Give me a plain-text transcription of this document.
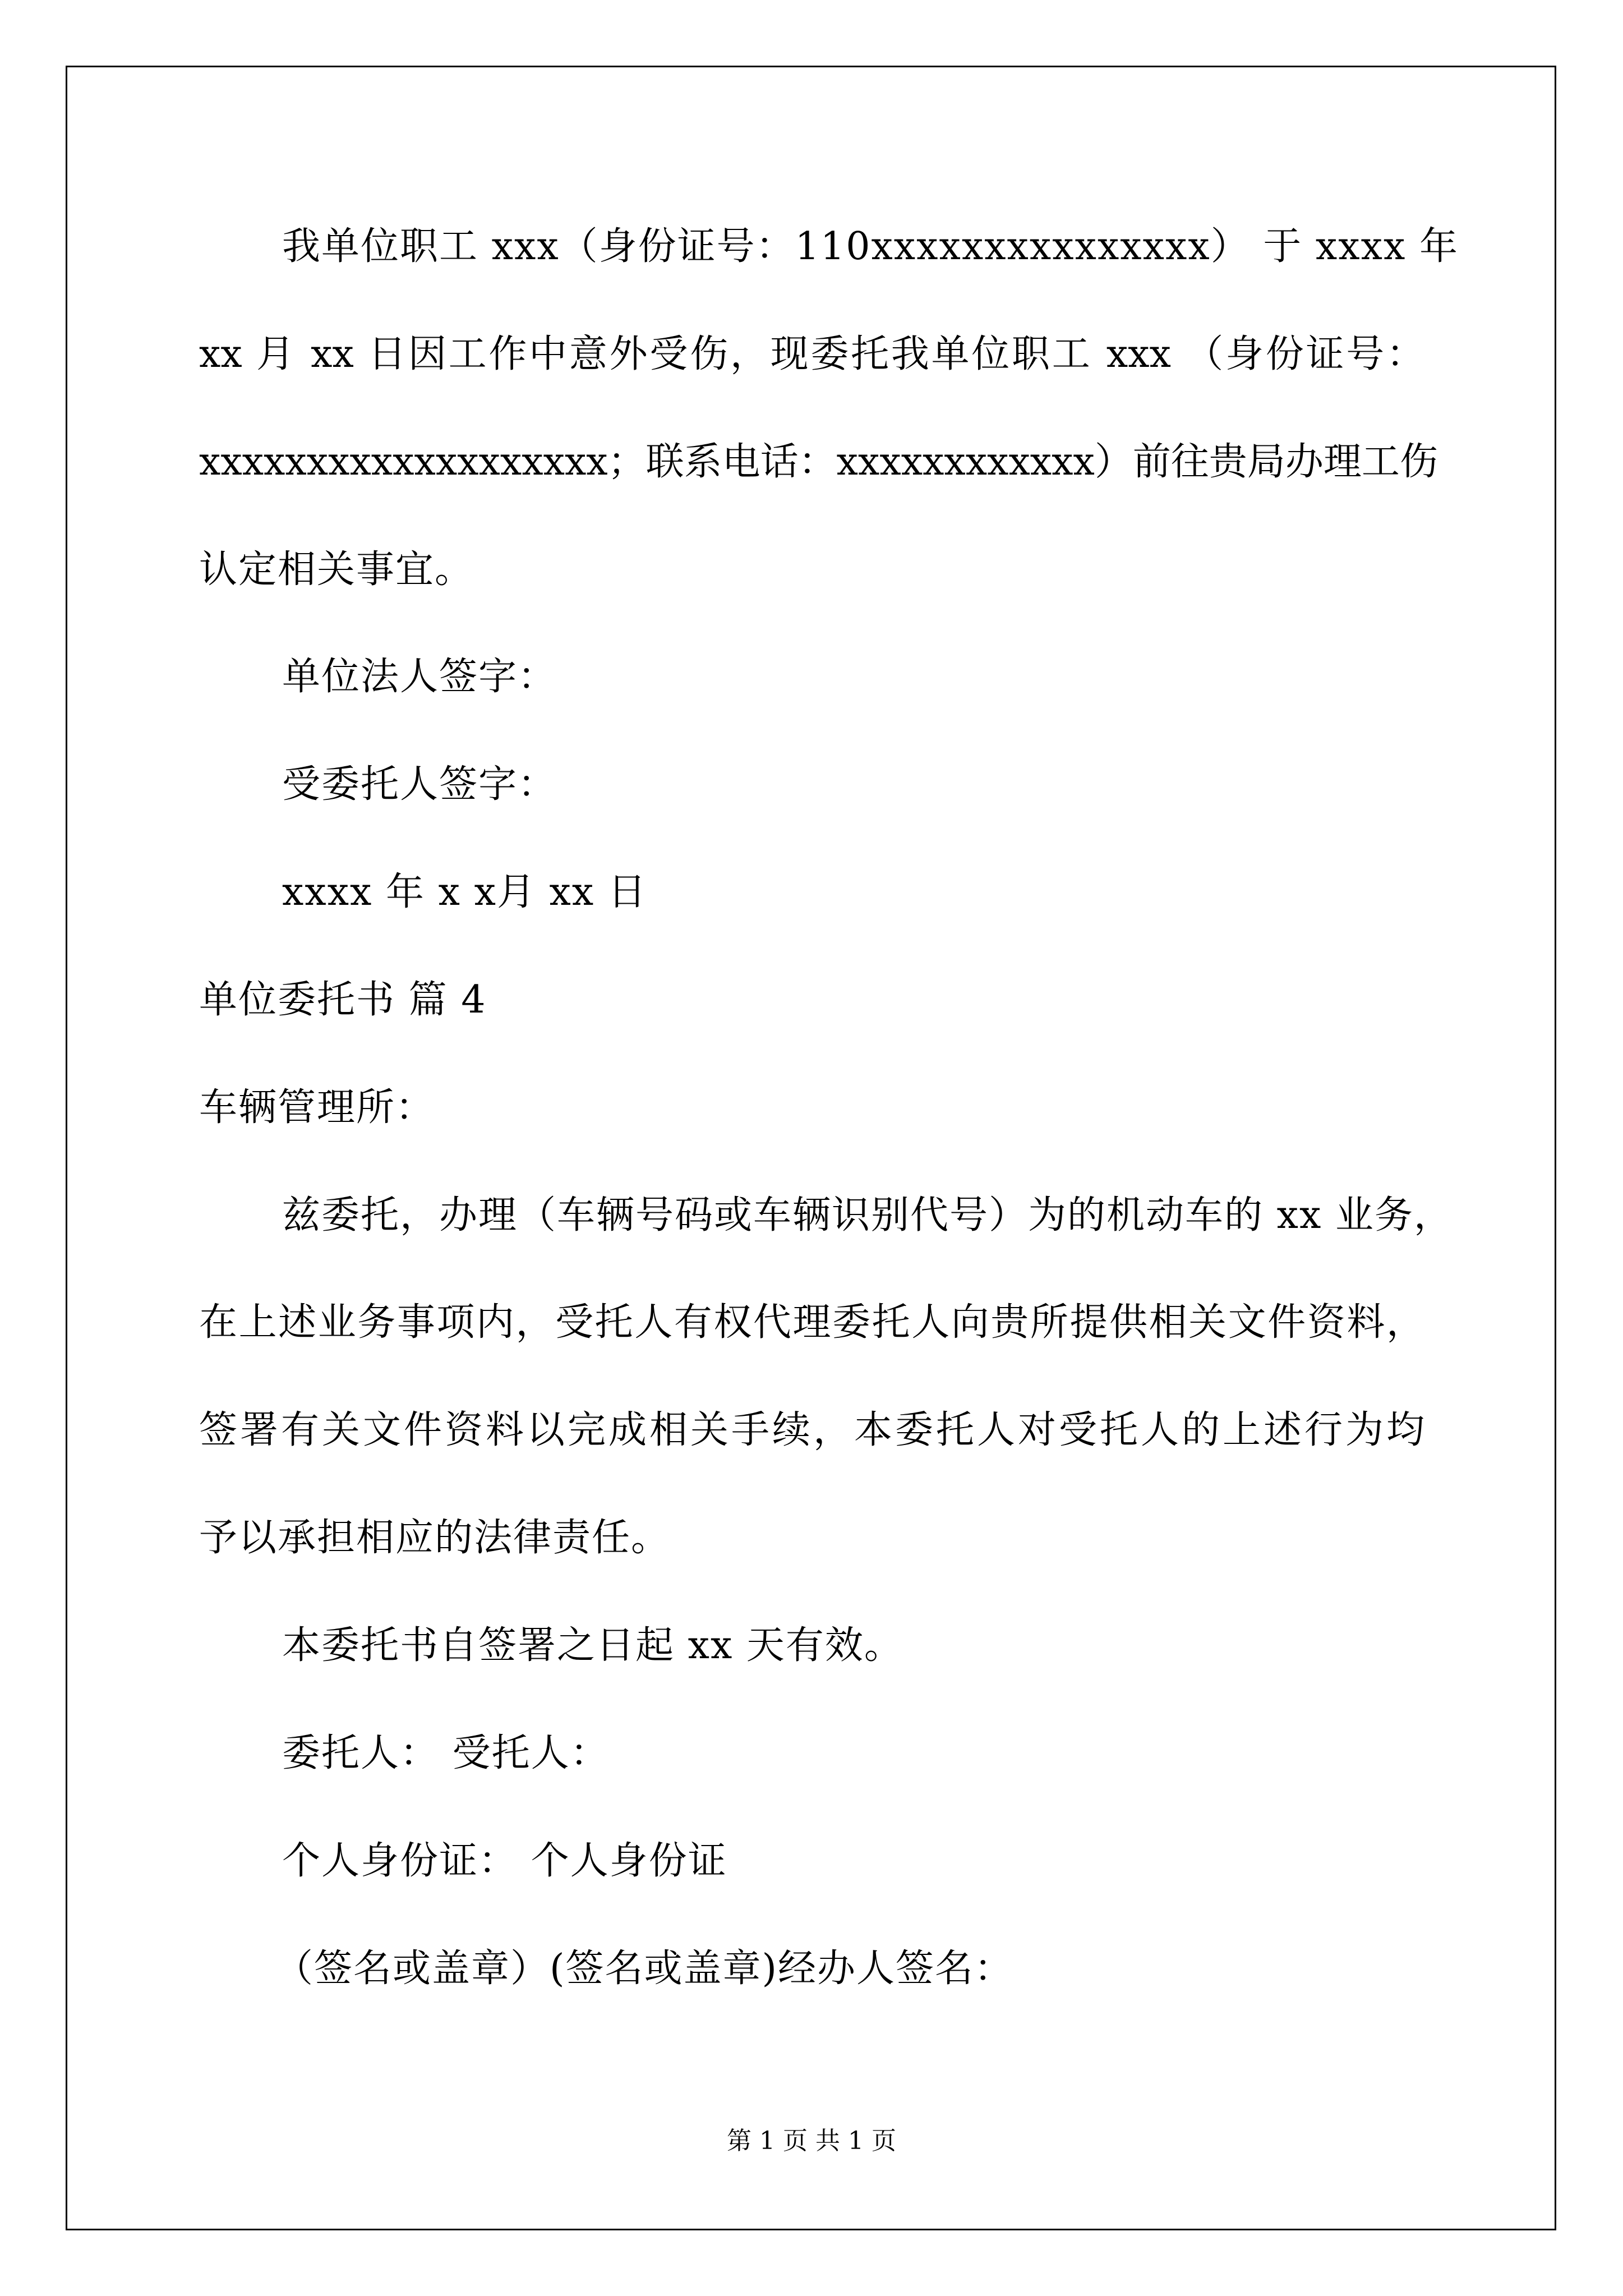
我单位职工 xxx（身份证号：110xxxxxxxxxxxxxxx） 于 xxxx 年
xx 月 xx 日因工作中意外受伤，现委托我单位职工 xxx （身份证号：
xxxxxxxxxxxxxxxxxxx；联系电话：xxxxxxxxxxxx）前往贵局办理工伤
认定相关事宜。
单位法人签字：
受委托人签字：
xxxx 年 x x月 xx 日
单位委托书 篇 4
车辆管理所：
兹委托，办理（车辆号码或车辆识别代号）为的机动车的 xx 业务，
在上述业务事项内，受托人有权代理委托人向贵所提供相关文件资料，
签署有关文件资料以完成相关手续，本委托人对受托人的上述行为均
予以承担相应的法律责任。
本委托书自签署之日起 xx 天有效。
委托人： 受托人：
个人身份证： 个人身份证
（签名或盖章）(签名或盖章)经办人签名：
第 1 页 共 1 页
